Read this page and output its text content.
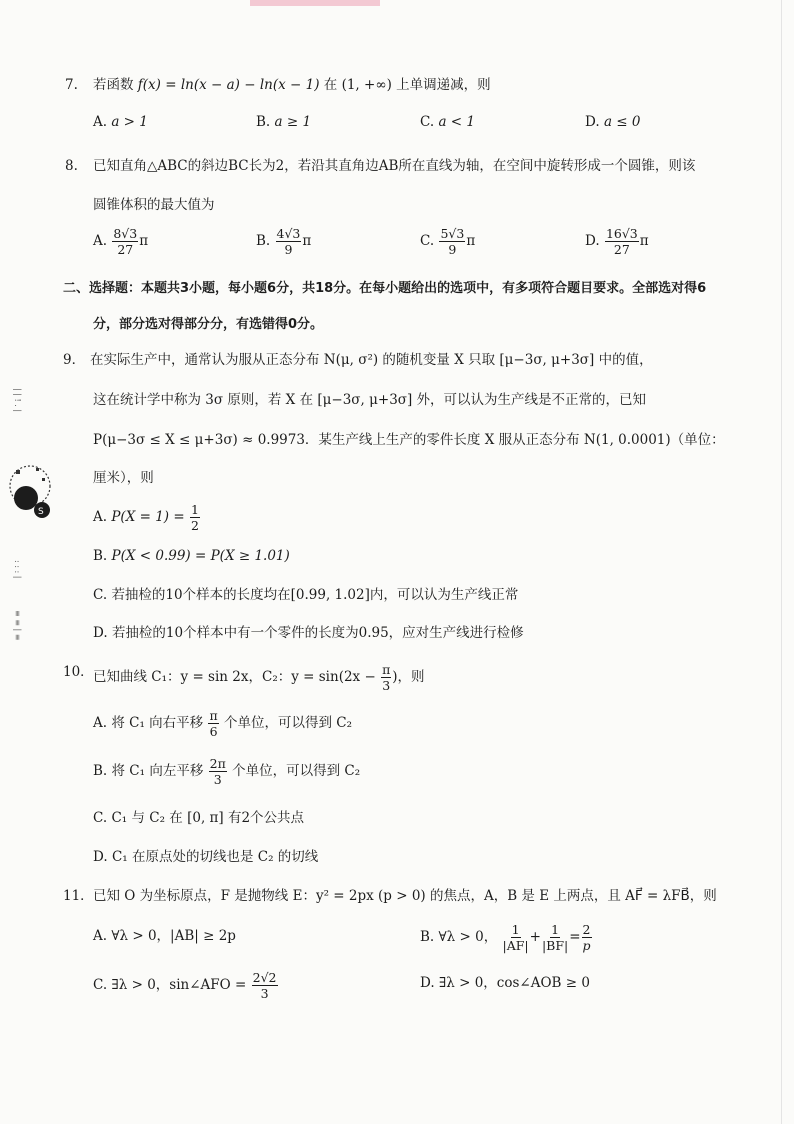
S
| | ! . |
: : : |
≡ ≡ | ≡
7. 若函数 f(x) = ln(x − a) − ln(x − 1) 在 (1, +∞) 上单调递减，则
A. a > 1	B. a ≥ 1	C. a < 1	D. a ≤ 0
8. 已知直角△ABC的斜边BC长为2，若沿其直角边AB所在直线为轴，在空间中旋转形成一个圆锥，则该
圆锥体积的最大值为
A. $\frac{8√3}{27}$ π	B. $\frac{4√3}{9}$ π	C. $\frac{5√3}{9}$ π	D. $\frac{16√3}{27}$ π
二、选择题：本题共3小题，每小题6分，共18分。在每小题给出的选项中，有多项符合题目要求。全部选对得6
分，部分选对得部分分，有选错得0分。
9． 在实际生产中，通常认为服从正态分布 N(μ, σ²) 的随机变量 X 只取 [μ−3σ, μ+3σ] 中的值，
这在统计学中称为 3σ 原则，若 X 在 [μ−3σ, μ+3σ] 外，可以认为生产线是不正常的，已知
P(μ−3σ ≤ X ≤ μ+3σ) ≈ 0.9973．某生产线上生产的零件长度 X 服从正态分布 N(1, 0.0001)（单位：
厘米），则
A. $P(X = 1) = \frac{1}{2}$
B. P(X < 0.99) = P(X ≥ 1.01)
C. 若抽检的10个样本的长度均在[0.99, 1.02]内，可以认为生产线正常
D. 若抽检的10个样本中有一个零件的长度为0.95，应对生产线进行检修
10． 已知曲线 C₁：y = sin 2x，C₂：$y = \sin(2x - \frac{\pi}{3}$ )，则
A. 将 C₁ 向右平移 $\frac{\pi}{6}$ 个单位，可以得到 C₂
B. 将 C₁ 向左平移 $\frac{2\pi}{3}$ 个单位，可以得到 C₂
C. C₁ 与 C₂ 在 [0, π] 有2个公共点
D. C₁ 在原点处的切线也是 C₂ 的切线
11． 已知 O 为坐标原点，F 是抛物线 E：y² = 2px (p > 0) 的焦点，A，B 是 E 上两点，且 AF⃗ = λFB⃗，则
A. ∀λ > 0，|AB| ≥ 2p	B. ∀λ > 0， $\frac{1}{|AF|} + \frac{1}{|BF|} = \frac{2}{p}$
C. ∃λ > 0，sin∠AFO = $\frac{2√2}{3}$	D. ∃λ > 0，cos∠AOB ≥ 0
